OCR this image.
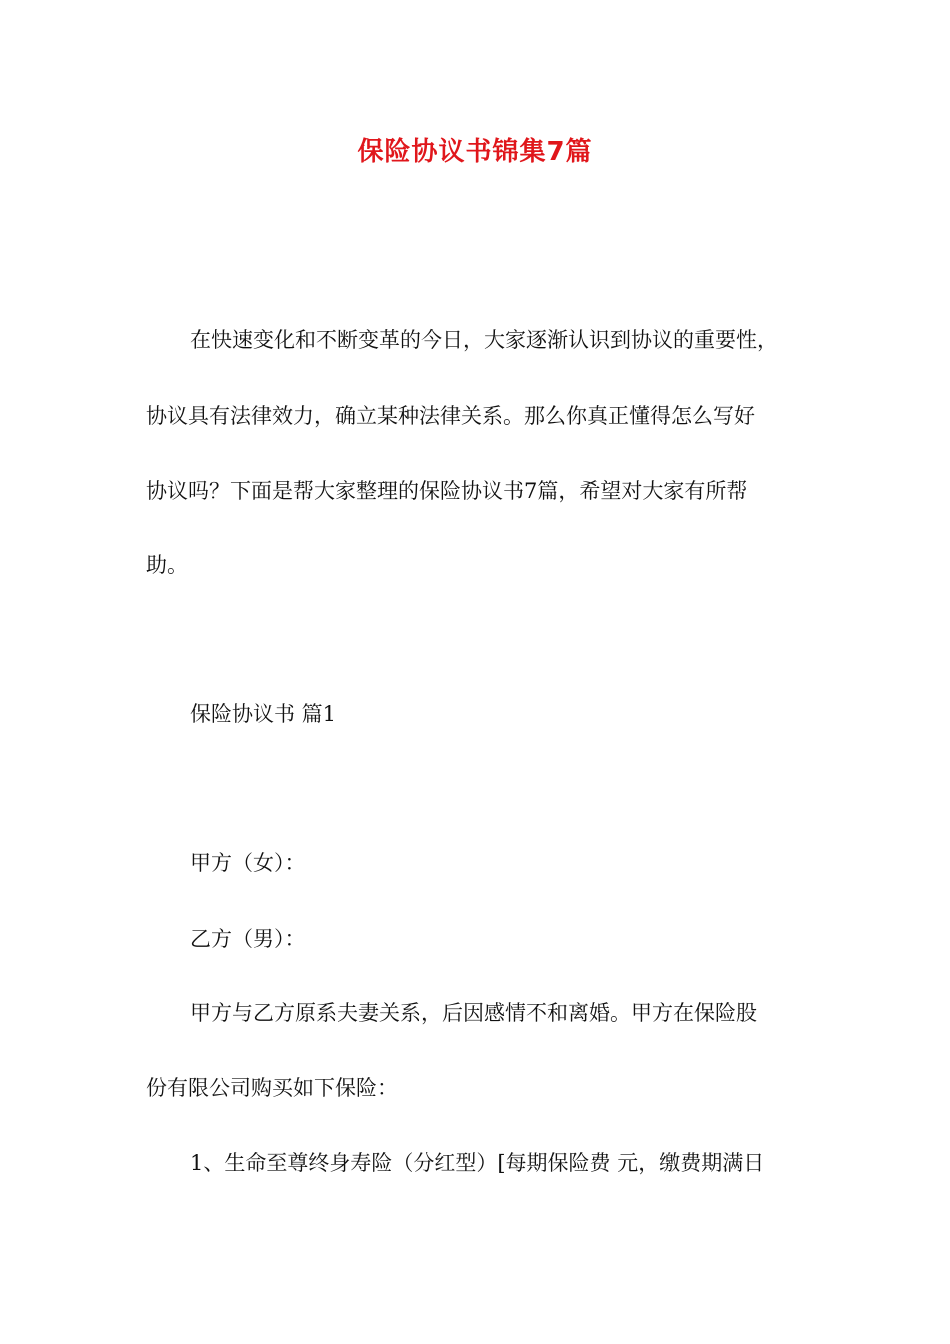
保险协议书锦集7篇
在快速变化和不断变革的今日，大家逐渐认识到协议的重要性，
协议具有法律效力，确立某种法律关系。那么你真正懂得怎么写好
协议吗？下面是帮大家整理的保险协议书7篇，希望对大家有所帮
助。
保险协议书 篇1
甲方（女）：
乙方（男）：
甲方与乙方原系夫妻关系，后因感情不和离婚。甲方在保险股
份有限公司购买如下保险：
1、生命至尊终身寿险（分红型）[每期保险费 元，缴费期满日
